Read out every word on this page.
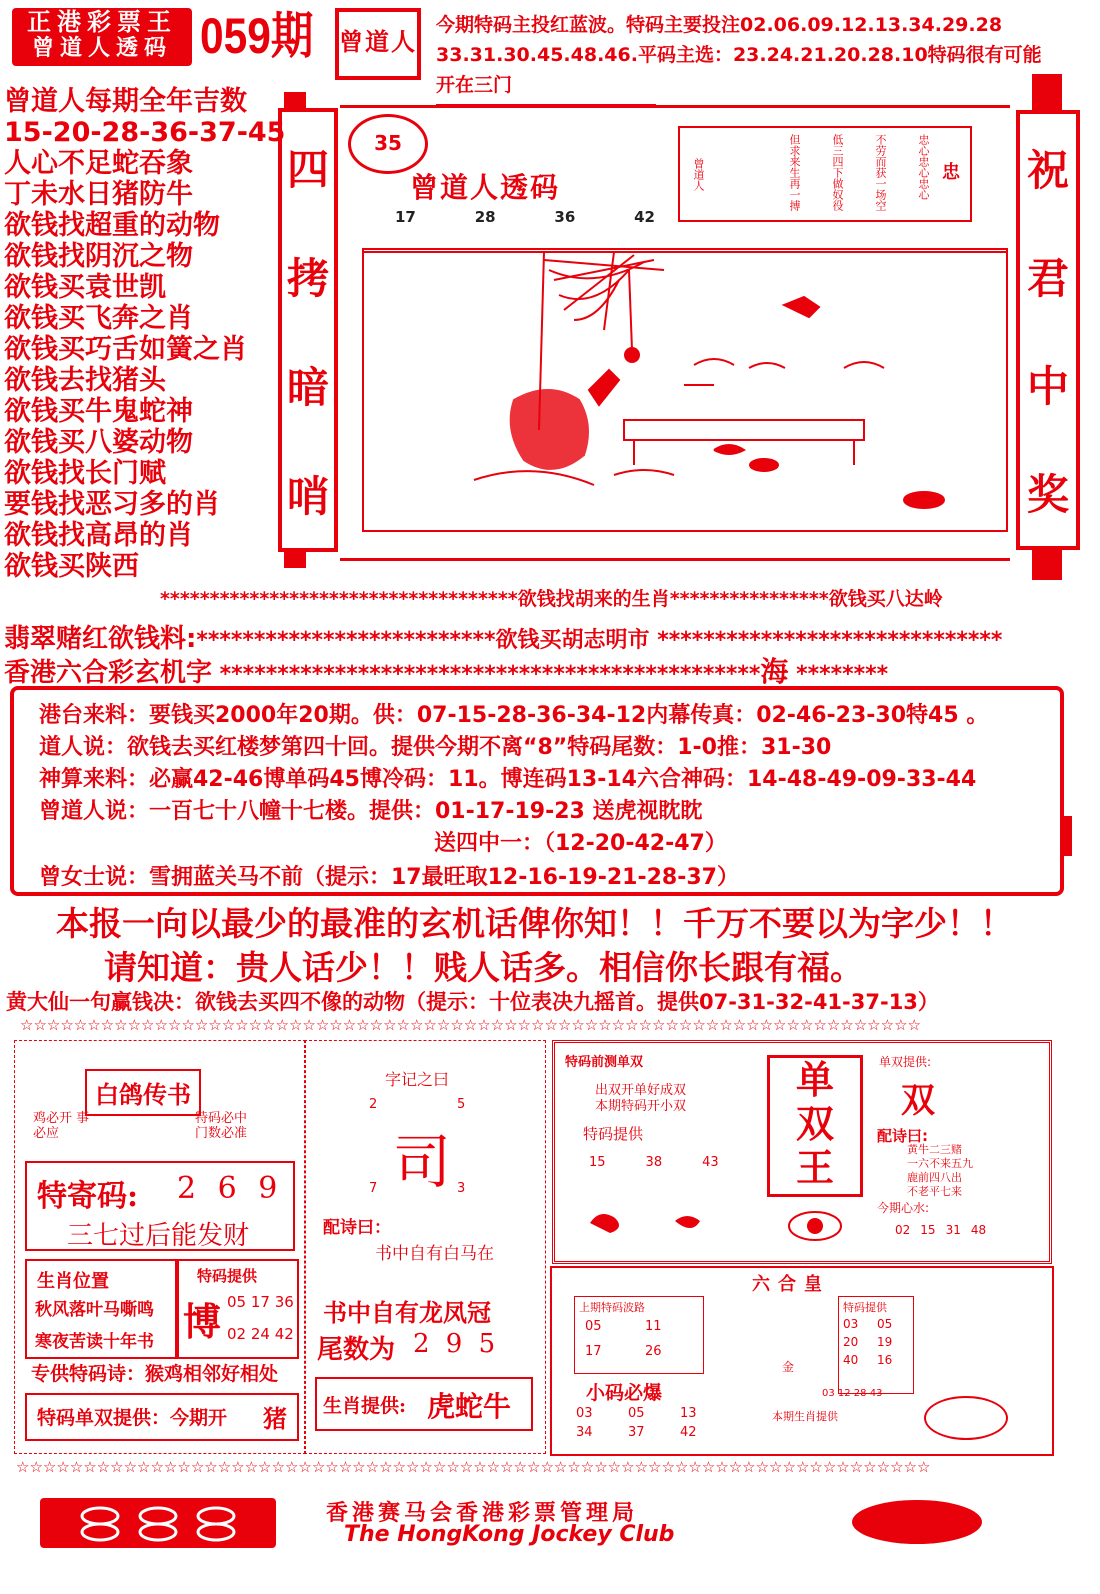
正港彩票王
曾道人透码 059期 曾道人
今期特码主投红蓝波。特码主要投注02.06.09.12.13.34.29.28
33.31.30.45.48.46.平码主选：23.24.21.20.28.10特码很有可能
开在三门
曾道人每期全年吉数
15-20-28-36-37-45
人心不足蛇吞象
丁未水日猪防牛
欲钱找超重的动物
欲钱找阴沉之物
欲钱买袁世凯
欲钱买飞奔之肖
欲钱买巧舌如簧之肖
欲钱去找猪头
欲钱买牛鬼蛇神
欲钱买八婆动物
欲钱找长门赋
要钱找恶习多的肖
欲钱找高昂的肖
欲钱买陕西
四
拷
暗
哨
35
曾道人透码
17	28	36	42
忠
忠心忠心忠心
不劳而获一场空
低三四下做奴役
但求来生再一搏
曾道人	祝
君
中
奖
************************************欲钱找胡来的生肖****************欲钱买八达岭
翡翠赌红欲钱料:**************************欲钱买胡志明市 ******************************
香港六合彩玄机字 ***********************************************海 ********
港台来料：要钱买2000年20期。供：07-15-28-36-34-12内幕传真：02-46-23-30特45 。
道人说：欲钱去买红楼梦第四十回。提供今期不离“8”特码尾数：1-0推：31-30
神算来料：必赢42-46博单码45博冷码：11。博连码13-14六合神码：14-48-49-09-33-44
曾道人说：一百七十八幢十七楼。提供：01-17-19-23 送虎视眈眈
送四中一：（12-20-42-47）
曾女士说：雪拥蓝关马不前（提示：17最旺取12-16-19-21-28-37）
本报一向以最少的最准的玄机话俾你知！！千万不要以为字少！！
请知道：贵人话少！！贱人话多。相信你长跟有福。
黄大仙一句赢钱决：欲钱去买四不像的动物（提示：十位表决九摇首。提供07-31-32-41-37-13）
☆☆☆☆☆☆☆☆☆☆☆☆☆☆☆☆☆☆☆☆☆☆☆☆☆☆☆☆☆☆☆☆☆☆☆☆☆☆☆☆☆☆☆☆☆☆☆☆☆☆☆☆☆☆☆☆☆☆☆☆☆☆☆☆☆☆☆
☆☆☆☆☆☆☆☆☆☆☆☆☆☆☆☆☆☆☆☆☆☆☆☆☆☆☆☆☆☆☆☆☆☆☆☆☆☆☆☆☆☆☆☆☆☆☆☆☆☆☆☆☆☆☆☆☆☆☆☆☆☆☆☆☆☆☆☆
白鸽传书
鸡必开 事必应
特码必中 门数必准
特寄码: 2 6 9
三七过后能发财
生肖位置
秋风落叶马嘶鸣
寒夜苦读十年书
特码提供
博 05 17 36
02 24 42
专供特码诗：猴鸡相邻好相处
特码单双提供：今期开 猪
字记之曰
2	5
司
7	3
配诗曰：
书中自有白马在
书中自有龙凤冠
尾数为 2 9 5
生肖提供: 虎蛇牛
特码前测单双
出双开单好成双
本期特码开小双
特码提供
15	38	43
单
双
王
单双提供:
双
配诗曰:
黄牛二三赌
一六不来五九
鹿前四八出
不老平七来
今期心水:
02 15 31 48
六合皇
上期特码波路
05	11
17	26
金
特码提供
03	05
20	19
40	16
小码必爆	03 12 28 43
03	05	13
34	37	42
本期生肖提供
香港赛马会香港彩票管理局
The HongKong Jockey Club
